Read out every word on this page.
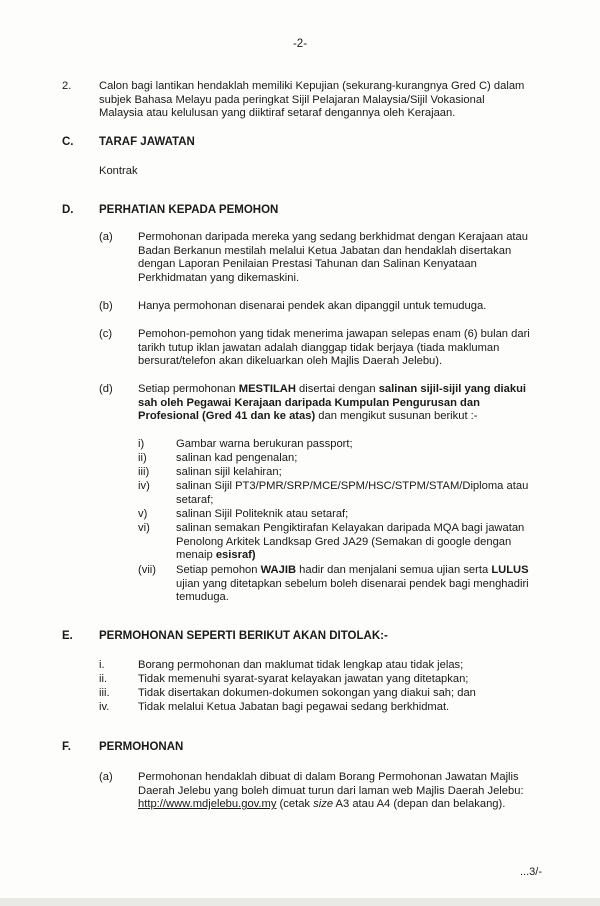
-2-
2. Calon bagi lantikan hendaklah memiliki Kepujian (sekurang-kurangnya Gred C) dalam
subjek Bahasa Melayu pada peringkat Sijil Pelajaran Malaysia/Sijil Vokasional
Malaysia atau kelulusan yang diiktiraf setaraf dengannya oleh Kerajaan.
C. TARAF JAWATAN
Kontrak
D. PERHATIAN KEPADA PEMOHON
(a) Permohonan daripada mereka yang sedang berkhidmat dengan Kerajaan atau
Badan Berkanun mestilah melalui Ketua Jabatan dan hendaklah disertakan
dengan Laporan Penilaian Prestasi Tahunan dan Salinan Kenyataan
Perkhidmatan yang dikemaskini.
(b) Hanya permohonan disenarai pendek akan dipanggil untuk temuduga.
(c) Pemohon-pemohon yang tidak menerima jawapan selepas enam (6) bulan dari
tarikh tutup iklan jawatan adalah dianggap tidak berjaya (tiada makluman
bersurat/telefon akan dikeluarkan oleh Majlis Daerah Jelebu).
(d) Setiap permohonan MESTILAH disertai dengan salinan sijil-sijil yang diakui
sah oleh Pegawai Kerajaan daripada Kumpulan Pengurusan dan
Profesional (Gred 41 dan ke atas) dan mengikut susunan berikut :-
i)	Gambar warna berukuran passport;
ii)	salinan kad pengenalan;
iii) salinan sijil kelahiran;
iv) salinan Sijil PT3/PMR/SRP/MCE/SPM/HSC/STPM/STAM/Diploma atau
setaraf;
v)	salinan Sijil Politeknik atau setaraf;
vi) salinan semakan Pengiktirafan Kelayakan daripada MQA bagi jawatan
Penolong Arkitek Landksap Gred JA29 (Semakan di google dengan
menaip esisraf)
(vii) Setiap pemohon WAJIB hadir dan menjalani semua ujian serta LULUS
ujian yang ditetapkan sebelum boleh disenarai pendek bagi menghadiri
temuduga.
E. PERMOHONAN SEPERTI BERIKUT AKAN DITOLAK:-
i.	Borang permohonan dan maklumat tidak lengkap atau tidak jelas;
ii.	Tidak memenuhi syarat-syarat kelayakan jawatan yang ditetapkan;
iii.	Tidak disertakan dokumen-dokumen sokongan yang diakui sah; dan
iv.	Tidak melalui Ketua Jabatan bagi pegawai sedang berkhidmat.
F. PERMOHONAN
(a) Permohonan hendaklah dibuat di dalam Borang Permohonan Jawatan Majlis
Daerah Jelebu yang boleh dimuat turun dari laman web Majlis Daerah Jelebu:
http://www.mdjelebu.gov.my (cetak size A3 atau A4 (depan dan belakang).
...3/-
